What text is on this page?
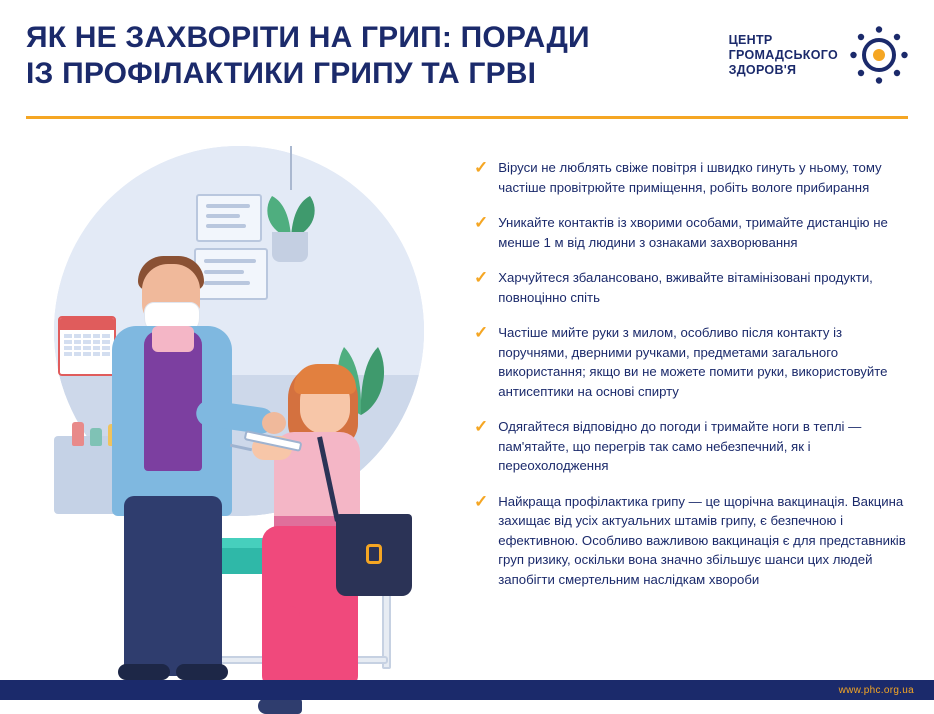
ЯК НЕ ЗАХВОРІТИ НА ГРИП: ПОРАДИ
ІЗ ПРОФІЛАКТИКИ ГРИПУ ТА ГРВІ
ЦЕНТР
ГРОМАДСЬКОГО
ЗДОРОВ'Я
✓ Віруси не люблять свіже повітря і швидко гинуть у ньому, тому частіше провітрюйте приміщення, робіть вологе прибирання
✓ Уникайте контактів із хворими особами, тримайте дистанцію не менше 1 м від людини з ознаками захворювання
✓ Харчуйтеся збалансовано, вживайте вітамінізовані продукти, повноцінно спіть
✓ Частіше мийте руки з милом, особливо після контакту із поручнями, дверними ручками, предметами загального використання; якщо ви не можете помити руки, використовуйте антисептики на основі спирту
✓ Одягайтеся відповідно до погоди і тримайте ноги в теплі — пам'ятайте, що перегрів так само небезпечний, як і переохолодження
✓ Найкраща профілактика грипу — це щорічна вакцинація. Вакцина захищає від усіх актуальних штамів грипу, є безпечною і ефективною. Особливо важливою вакцинація є для представників груп ризику, оскільки вона значно збільшує шанси цих людей запобігти смертельним наслідкам хвороби
www.phc.org.ua
